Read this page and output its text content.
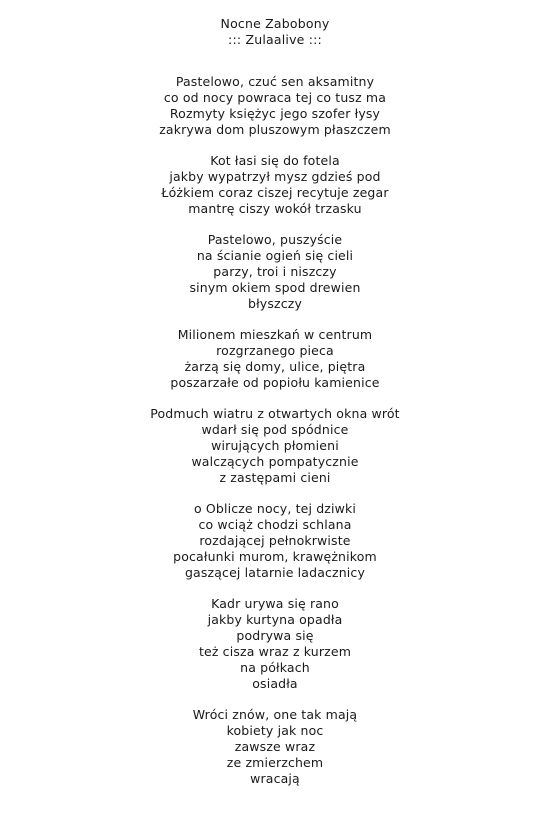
Nocne Zabobony
::: Zulaalive :::
Pastelowo, czuć sen aksamitny
co od nocy powraca tej co tusz ma
Rozmyty księżyc jego szofer łysy
zakrywa dom pluszowym płaszczem
Kot łasi się do fotela
jakby wypatrzył mysz gdzieś pod
Łóżkiem coraz ciszej recytuje zegar
mantrę ciszy wokół trzasku
Pastelowo, puszyście
na ścianie ogień się cieli
parzy, troi i niszczy
sinym okiem spod drewien
błyszczy
Milionem mieszkań w centrum
rozgrzanego pieca
żarzą się domy, ulice, piętra
poszarzałe od popiołu kamienice
Podmuch wiatru z otwartych okna wrót
wdarł się pod spódnice
wirujących płomieni
walczących pompatycznie
z zastępami cieni
o Oblicze nocy, tej dziwki
co wciąż chodzi schlana
rozdającej pełnokrwiste
pocałunki murom, krawężnikom
gaszącej latarnie ladacznicy
Kadr urywa się rano
jakby kurtyna opadła
podrywa się
też cisza wraz z kurzem
na półkach
osiadła
Wróci znów, one tak mają
kobiety jak noc
zawsze wraz
ze zmierzchem
wracają
